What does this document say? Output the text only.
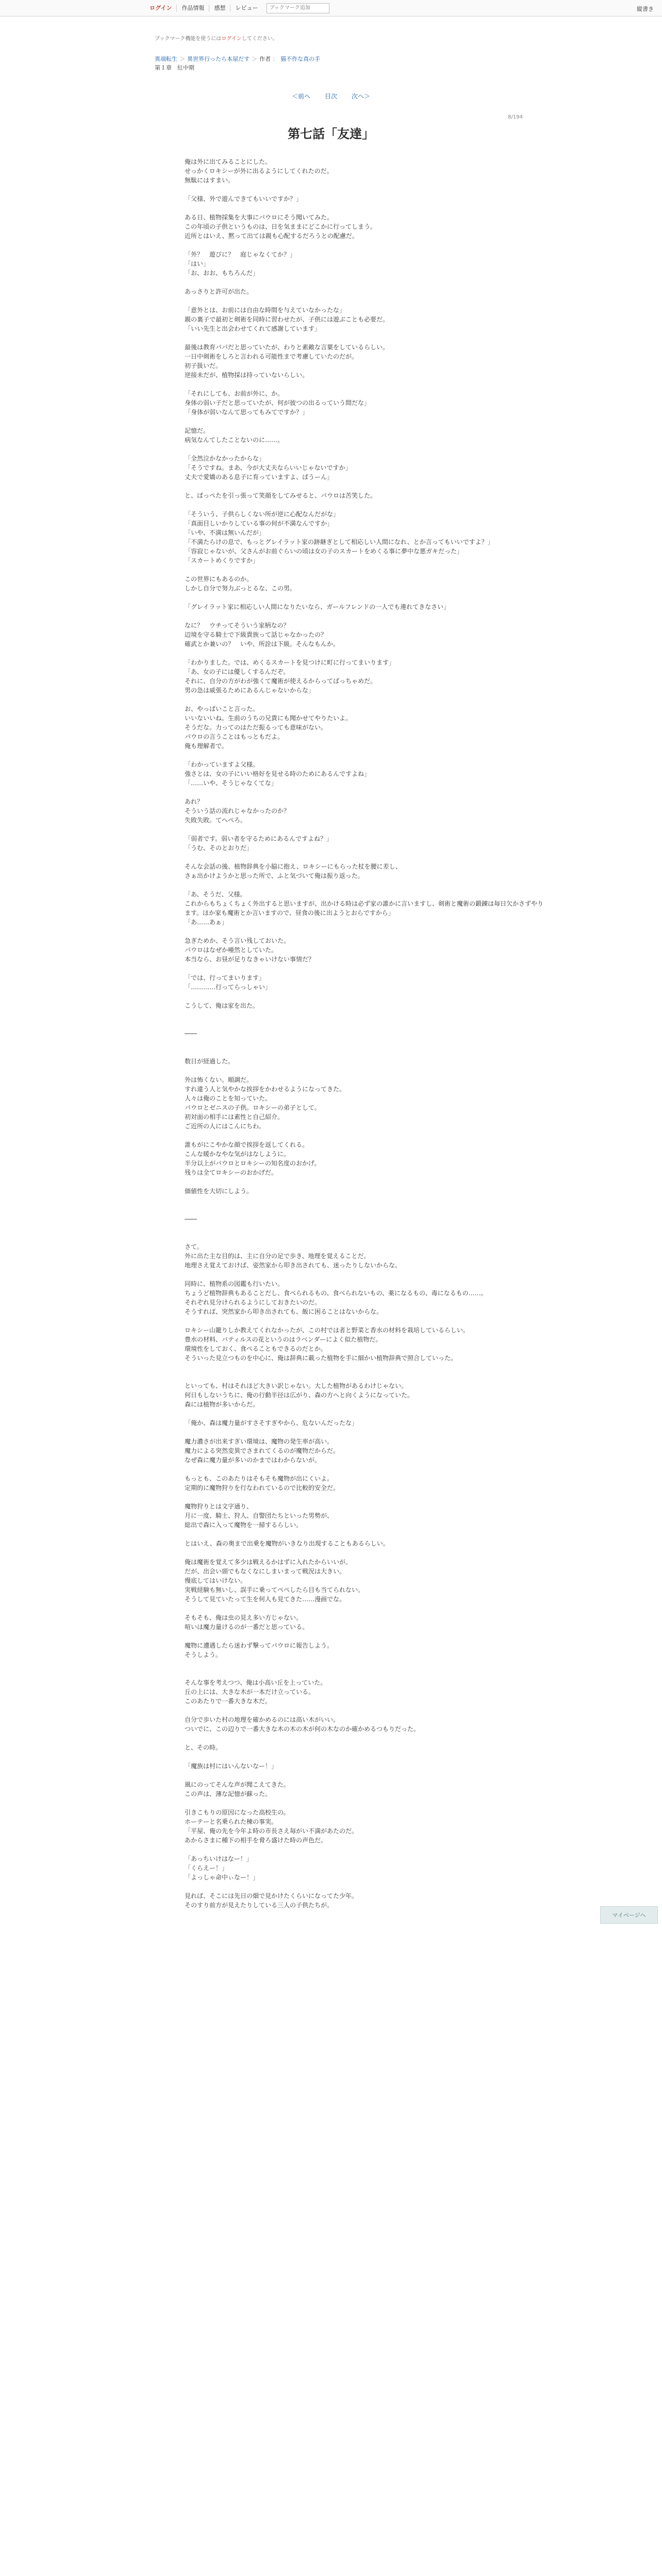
ログイン	作品情報	感想	レビュー
ブックマーク追加	縦書き
ブックマーク機能を使うにはログインしてください。
異端転生 ＞ 異世界行ったら本屋だす ＞ 作者 ： 猫不作な真の手
第１章　紅中期
＜前へ 目次 次へ＞
8/194
第七話「友達」

俺は外に出てみることにした。

せっかくロキシーが外に出るようにしてくれたのだ。

無駄にはすまい。

「父様、外で遊んできてもいいですか？」

ある日、植物採集を大事にパウロにそう聞いてみた。

この年頃の子供というものは、日を気ままにどこかに行ってしまう。

近所とはいえ、黙って出ては親も心配するだろうとの配慮だ。

「外？　遊びに？　庭じゃなくてか？」

「はい」

「お、おお、もちろんだ」

あっさりと許可が出た。

「意外とは、お前には自由な時間を与えていなかったな」

親の裏子で最初と剣術を同時に習わせたが、子供には遊ぶことも必要だ。

「いい先生と出会わせてくれて感謝しています」

最後は教育パパだと思っていたが、わりと素敵な言葉をしているらしい。

一日中剣術をしろと言われる可能性まで考慮していたのだが。

初子扱いだ。

逆接未だが、植物採は持っていないらしい。

「それにしても、お前が外に、か。

身体の弱い子だと思っていたが、何が彼つの出るっていう間だな」

「身体が弱いなんて思ってもみてですか？」

記憶だ。

病気なんてしたことないのに……。

「全然泣かなかったからな」

「そうですね。まあ、今が大丈夫ならいいじゃないですか」

丈夫で愛嬌のある息子に育っていますよ、ぱうーん」

と、ぱっぺたを引っ張って笑顔をしてみせると、パウロは苦笑した。

「そういう、子供らしくない所が逆に心配なんだがな」

「真面目しいかりしている事の何が不満なんですか」

「いや、不満は無いんだが」

「不満たらけの息で、もっとグレイラット家の跡継ぎとして相応しい人間になれ、とか言ってもいいですよ？」

「容寂じゃないが、父さんがお前ぐらいの頃は女の子のスカートをめくる事に夢中な悪ガキだった」

「スカートめくりですか」

この世界にもあるのか。

しかし自分で努力ぶっとるな、この男。

「グレイラット家に相応しい人間になりたいなら、ガールフレンドの一人でも連れてきなさい」

なに？　ウチってそういう家柄なの？

辺境を守る騎士で下級貴族って話じゃなかったの？

確武とか兼いの？　いや、所詮は下級。そんなもんか。

「わかりました。では、めくるスカートを見つけに町に行ってまいります」

「あ、女の子には優しくするんだぞ。

それに、自分の方がわが強くて魔術が使えるからってばっちゃめだ。

男の急は威張るためにあるんじゃないからな」

お、やっぱいこと言った。

いいないいね。生前のうちの兄貴にも聞かせてやりたいよ。

そうだな。力ってのはただ振るっても意味がない。

パウロの言うことはもっともだよ。

俺も理解者で。

「わかっていますよ父様。

強さとは、女の子にいい格好を見せる時のためにあるんですよね」

「……いや、そうじゃなくてな」

あれ？

そういう話の流れじゃなかったのか？

失敗失敗。てへぺろ。

「弱者です。弱い者を守るためにあるんですよね？」

「うむ、そのとおりだ」

そんな会話の後、植物辞典を小脇に抱え、ロキシーにもらった杖を腰に差し、

さぁ出かけようかと思った所で、ふと気づいて俺は振り返った。

「あ、そうだ、父様。

これからもちょくちょく外出すると思いますが、出かける時は必ず家の誰かに言いますし、剣術と魔術の鍛錬は毎日欠かさずやります。ほか家も魔術とか言いますので、昼食の後に出ようとおらですから」

「あ……あぁ」

急ぎためか、そう言い残しておいた。

パウロはなぜか唖然としていた。

本当なら、お昼が足りなきゃいけない事情だ？

「では、行ってまいります」

「…………行ってらっしゃい」

こうして、俺は家を出た。

――

数日が経過した。

外は怖くない。順調だ。

すれ違う人と気やかな挨拶をかわせるようになってきた。

人々は俺のことを知っていた。

パウロとゼニスの子供。ロキシーの弟子として。

初対面の相手には素性と自己紹介。

ご近所の人にはこんにちわ。

誰もがにこやかな顔で挨拶を返してくれる。

こんな暖かなやな気がはなしように。

半分以上がパウロとロキシーの知名度のおかげ。

残りは全てロキシーのおかげだ。

価値性を大切にしよう。

――

さて。

外に出た主な目的は、主に自分の足で歩き、地理を覚えることだ。

地理さえ覚えておけば、姿然家から叩き出されても、迷ったりしないからな。

同時に、植物系の図鑑も行いたい。

ちょうど植物辞典もあることだし、食べられるもの、食べられないもの、薬になるもの、毒になるもの……。

それぞれ見分けられるようにしておきたいのだ。

そうすれば、突然家から叩き出されても、飯に困ることはないからな。

ロキシー山籠りしか教えてくれなかったが、この村では者と野菜と香水の材料を栽培しているらしい。

豊水の材料、バティルスの花というのはラベンダーによく似た植物だ。

環境性をしておく、食べることもできるのだとか。

そういった見立つものを中心に、俺は辞典に載った植物を手に細かい植物辞典で照合していった。

といっても、村はそれほど大きい訳じゃない。大した植物があるわけじゃない。

何日もしないうちに、俺の行動半径は広がり、森の方へと向くようになっていた。

森には植物が多いからだ。

「俺か、森は魔力量がすさそすぎやから、危ないんだったな」

魔力濃さが出来すぎい環境は、魔物の発生率が高い。

魔力による突然変異でさまれてくるのが魔物だからだ。

なぜ森に魔力量が多いのかまではわからないが。

もっとも、このあたりはそもそも魔物が出にくいよ。

定期的に魔物狩りを行なわれているので比較的安全だ。

魔物狩りとは文字通り、

月に一度、騎士、狩人、自警団たちといった男勢が、

総出で森に入って魔物を一掃するらしい。

とはいえ、森の奥まで出乗を魔物がいきなり出現することもあるらしい。

俺は魔術を覚えて多少は戦えるかはずに入れたからいいが。

だが、出会い頭でもなくなにしまいまって戦況は大きい。

慢底してはいけない。

実戦経験も無いし、誤手に乗ってペぺしたら目も当てられない。

そうして見ていたって生を何人も見てきた……漫画でな。

そもそも、俺は虫の見え多い方じゃない。

喧いは魔力量けるのが一番だと思っている。

魔物に遭遇したら迷わず撃ってパウロに報告しよう。

そうしよう。

そんな事を考えつつ、俺は小高い丘を上っていた。

丘の上には、大きな木が一本だけ立っている。

このあたりで一番大きな木だ。

自分で歩いた村の地理を確かめるのには高い木がいい。

ついでに、この辺りで一番大きな木の木の木が何の木なのか確かめるつもりだった。

と、その時。

「魔族は村にはいんないなー！」

風にのってそんな声が聞こえてきた。

この声は、薄な記憶が蘇った。

引きこもりの原因になった高校生の。

ホーテーと名乗られた棟の事実。

「平屋、俺の先を今年よ時の市長さえ毎がい不満があたのだ。

あからさまに種下の相手を脅ろ盛けた時の声色だ。

「あっちいけはなー！」

「くらえー！」

「よっしゃ命中ぃなー！」

見れば、そこには先日の畑で見かけたくらいになってた少年。

そのすり前方が見えたりしている三人の子供たちが。

マイページへ
